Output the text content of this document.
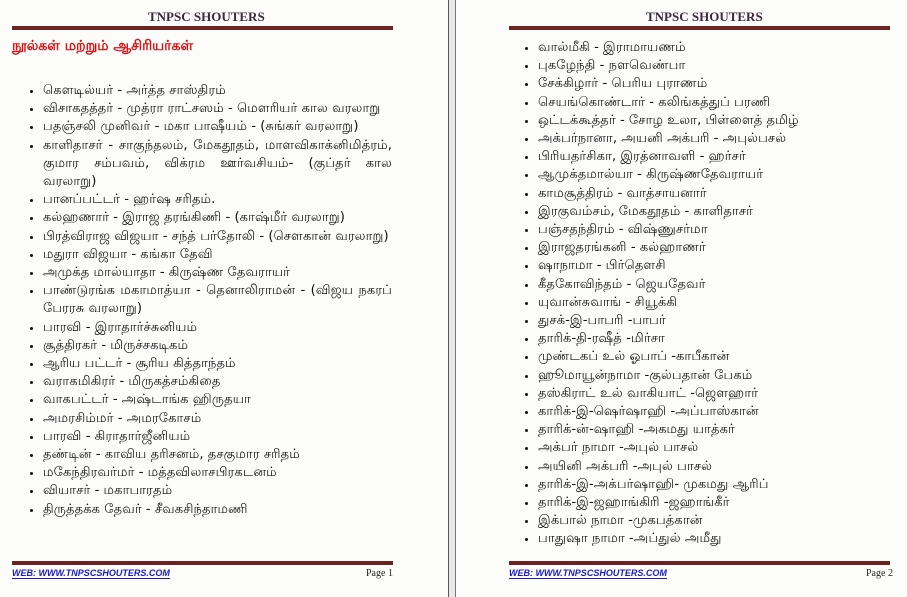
TNPSC SHOUTERS
நூல்கள் மற்றும் ஆசிரியர்கள்
கௌடில்யர் - அர்த்த சாஸ்திரம்
விசாகதத்தர் - முத்ரா ராட்சஸம் - மௌரியர் கால வரலாறு
பதஞ்சலி முனிவர் - மகா பாஷீயம் - (சுங்கர் வரலாறு)
காளிதாசர் - சாகுந்தலம், மேகதூதம், மாளவிகாக்னிமித்ரம், குமார சம்பவம், விக்ரம ஊர்வசியம்- (குப்தர் கால வரலாறு)
பானப்பட்டர் - ஹர்ஷ சரிதம்.
கல்ஹணார் - இராஜ தரங்கிணி - (காஷ்மீர் வரலாறு)
பிரத்விராஜ விஜயா - சந்த் பர்தோலி - (சௌகான் வரலாறு)
மதுரா விஜயா - கங்கா தேவி
அமுக்த மால்யாதா - கிருஷ்ண தேவராயர்
பாண்டுரங்க மகாமாத்யா - தெனாலிராமன் - (விஜய நகரப் பேரரசு வரலாறு)
பாரவி - இராதார்ச்சுனியம்
சூத்திரகர் - மிருச்சகடிகம்
ஆரிய பட்டர் - சூரிய கித்தாந்தம்
வராகமிகிரர் - மிருகத்சம்கிதை
வாகபட்டர் - அஷ்டாங்க ஹிருதயா
அமரசிம்மர் - அமரகோசம்
பாரவி - கிராதார்ஜீனியம்
தண்டின் - காவிய தரிசனம், தசகுமார சரிதம்
மகேந்திரவர்மர் - மத்தவிலாசபிரகடனம்
வியாசர் - மகாபாரதம்
திருத்தக்க தேவர் - சீவகசிந்தாமணி
WEB: WWW.TNPSCSHOUTERS.COM	Page 1
TNPSC SHOUTERS
வால்மீகி - இராமாயணம்
புகழேந்தி - நளவெண்பா
சேக்கிழார் - பெரிய புராணம்
செயங்கொண்டார் - கலிங்கத்துப் பரணி
ஒட்டக்கூத்தர் - சோழ உலா, பிள்ளைத் தமிழ்
அக்பர்நானா, அயனி அக்பரி - அபுல்பசல்
பிரியதர்சிகா, இரத்னாவளி - ஹர்சர்
ஆமுக்தமால்யா - கிருஷ்ணதேவராயர்
காமசூத்திரம் - வாத்சாயனார்
இரகுவம்சம், மேகதூதம் - காளிதாசர்
பஞ்சதந்திரம் - விஷ்ணுசர்மா
இராஜதரங்கனி - கல்ஹாணர்
ஷாநாமா - பிர்தௌசி
கீதகோவிந்தம் - ஜெயதேவர்
யுவான்சுவாங் - சியூக்கி
துசக்-இ-பாபரி -பாபர்
தாரிக்-தி-ரஷீத் -மிர்சா
முண்டகப் உல் ஓபாப் -காபீகான்
ஹூமாயூன்நாமா -குல்பதான் பேகம்
தஸ்கிராட் உல் வாகியாட் -ஜௌஹார்
காரிக்-இ-ஷெர்ஷாஹி -அப்பாஸ்கான்
தாரிக்-ன்-ஷாஹி -அகமது யாத்கர்
அக்பர் நாமா -அபுல் பாசல்
அயினி அக்பரி -அபுல் பாசல்
தாரிக்-இ-அக்பர்ஷாஹி- முகமது ஆரிப்
தாரிக்-இ-ஜஹாங்கிரி -ஜஹாங்கீர்
இக்பால் நாமா -முகபத்கான்
பாதுஷா நாமா -அப்துல் அமீது
WEB: WWW.TNPSCSHOUTERS.COM	Page 2
